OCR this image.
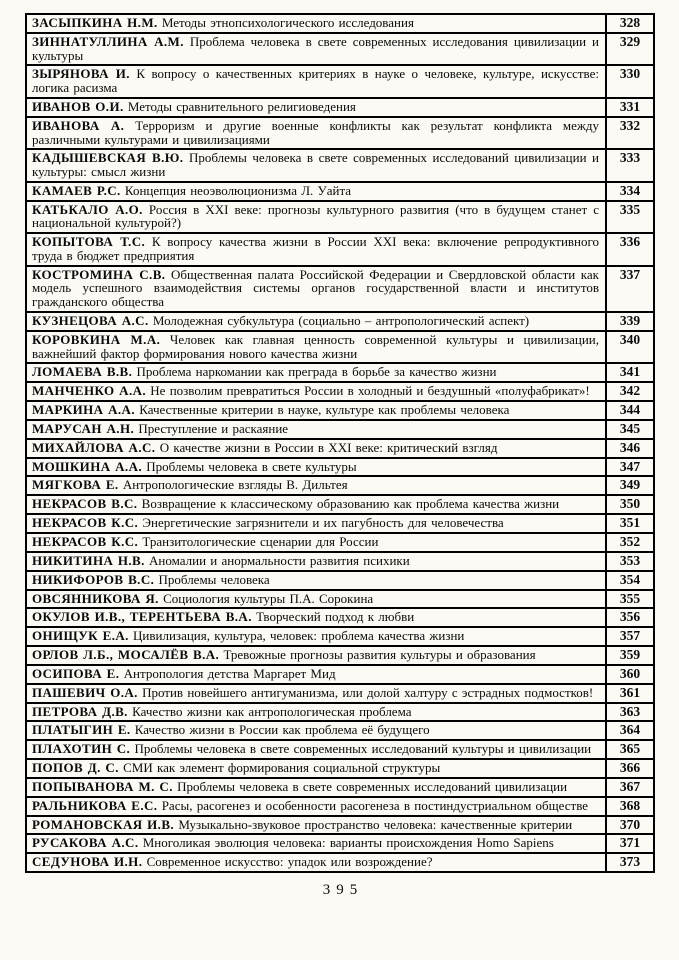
ЗАСЫПКИНА Н.М. Методы этнопсихологического исследования	328
ЗИННАТУЛЛИНА А.М. Проблема человека в свете современных исследования цивилизации и культуры	329
ЗЫРЯНОВА И. К вопросу о качественных критериях в науке о человеке, культуре, искусстве: логика расизма	330
ИВАНОВ О.И. Методы сравнительного религиоведения	331
ИВАНОВА А. Терроризм и другие военные конфликты как результат конфликта между различными культурами и цивилизациями	332
КАДЫШЕВСКАЯ В.Ю. Проблемы человека в свете современных исследований цивилизации и культуры: смысл жизни	333
КАМАЕВ Р.С. Концепция неоэволюционизма Л. Уайта	334
КАТЬКАЛО А.О. Россия в XXI веке: прогнозы культурного развития (что в будущем станет с национальной культурой?)	335
КОПЫТОВА Т.С. К вопросу качества жизни в России XXI века: включение репродуктивного труда в бюджет предприятия	336
КОСТРОМИНА С.В. Общественная палата Российской Федерации и Свердловской области как модель успешного взаимодействия системы органов государственной власти и институтов гражданского общества	337
КУЗНЕЦОВА А.С. Молодежная субкультура (социально – антропологический аспект)	339
КОРОВКИНА М.А. Человек как главная ценность современной культуры и цивилизации, важнейший фактор формирования нового качества жизни	340
ЛОМАЕВА В.В. Проблема наркомании как преграда в борьбе за качество жизни	341
МАНЧЕНКО А.А. Не позволим превратиться России в холодный и бездушный «полуфабрикат»!	342
МАРКИНА А.А. Качественные критерии в науке, культуре как проблемы человека	344
МАРУСАН А.Н. Преступление и раскаяние	345
МИХАЙЛОВА А.С. О качестве жизни в России в XXI веке: критический взгляд	346
МОШКИНА А.А. Проблемы человека в свете культуры	347
МЯГКОВА Е. Антропологические взгляды В. Дильтея	349
НЕКРАСОВ В.С. Возвращение к классическому образованию как проблема качества жизни	350
НЕКРАСОВ К.С. Энергетические загрязнители и их пагубность для человечества	351
НЕКРАСОВ К.С. Транзитологические сценарии для России	352
НИКИТИНА Н.В. Аномалии и анормальности развития психики	353
НИКИФОРОВ В.С. Проблемы человека	354
ОВСЯННИКОВА Я. Социология культуры П.А. Сорокина	355
ОКУЛОВ И.В., ТЕРЕНТЬЕВА В.А. Творческий подход к любви	356
ОНИЩУК Е.А. Цивилизация, культура, человек: проблема качества жизни	357
ОРЛОВ Л.Б., МОСАЛЁВ В.А. Тревожные прогнозы развития культуры и образования	359
ОСИПОВА Е. Антропология детства Маргарет Мид	360
ПАШЕВИЧ О.А. Против новейшего антигуманизма, или долой халтуру с эстрадных подмостков!	361
ПЕТРОВА Д.В. Качество жизни как антропологическая проблема	363
ПЛАТЫГИН Е. Качество жизни в России как проблема её будущего	364
ПЛАХОТИН С. Проблемы человека в свете современных исследований культуры и цивилизации	365
ПОПОВ Д. С. СМИ как элемент формирования социальной структуры	366
ПОПЫВАНОВА М. С. Проблемы человека в свете современных исследований цивилизации	367
РАЛЬНИКОВА Е.С. Расы, расогенез и особенности расогенеза в постиндустриальном обществе	368
РОМАНОВСКАЯ И.В. Музыкально-звуковое пространство человека: качественные критерии	370
РУСАКОВА А.С. Многоликая эволюция человека: варианты происхождения Homo Sapiens	371
СЕДУНОВА И.Н. Современное искусство: упадок или возрождение?	373
395
